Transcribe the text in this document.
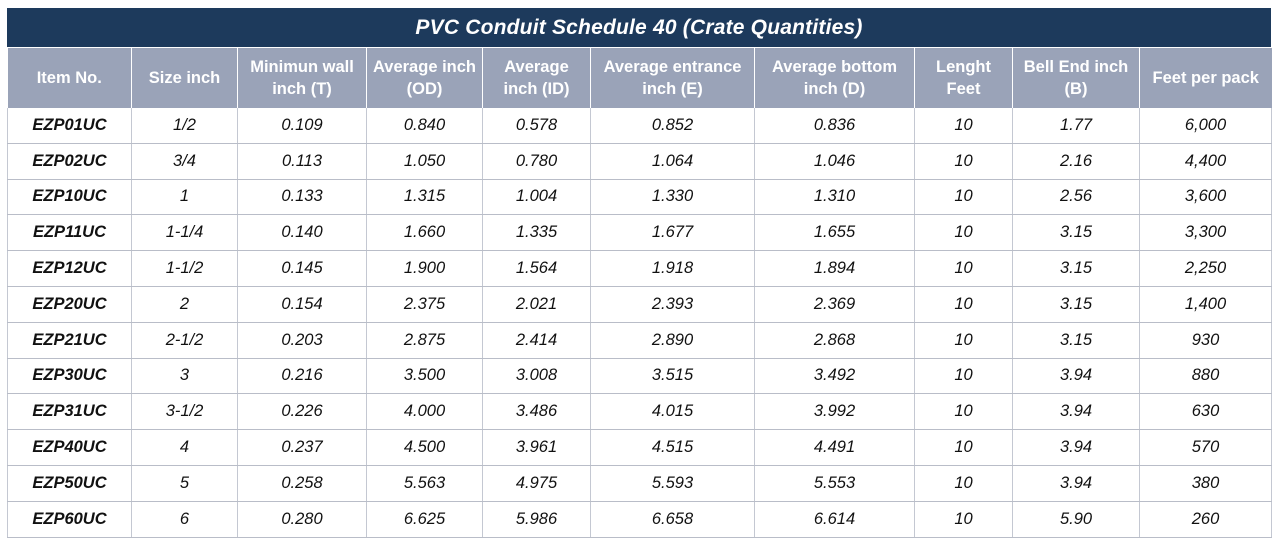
PVC Conduit Schedule 40 (Crate Quantities)
Item No.	Size inch	Minimun wall inch (T)	Average inch (OD)	Average inch (ID)	Average entrance inch (E)	Average bottom inch (D)	Lenght Feet	Bell End inch (B)	Feet per pack
EZP01UC	1/2	0.109	0.840	0.578	0.852	0.836	10	1.77	6,000
EZP02UC	3/4	0.113	1.050	0.780	1.064	1.046	10	2.16	4,400
EZP10UC	1	0.133	1.315	1.004	1.330	1.310	10	2.56	3,600
EZP11UC	1-1/4	0.140	1.660	1.335	1.677	1.655	10	3.15	3,300
EZP12UC	1-1/2	0.145	1.900	1.564	1.918	1.894	10	3.15	2,250
EZP20UC	2	0.154	2.375	2.021	2.393	2.369	10	3.15	1,400
EZP21UC	2-1/2	0.203	2.875	2.414	2.890	2.868	10	3.15	930
EZP30UC	3	0.216	3.500	3.008	3.515	3.492	10	3.94	880
EZP31UC	3-1/2	0.226	4.000	3.486	4.015	3.992	10	3.94	630
EZP40UC	4	0.237	4.500	3.961	4.515	4.491	10	3.94	570
EZP50UC	5	0.258	5.563	4.975	5.593	5.553	10	3.94	380
EZP60UC	6	0.280	6.625	5.986	6.658	6.614	10	5.90	260
